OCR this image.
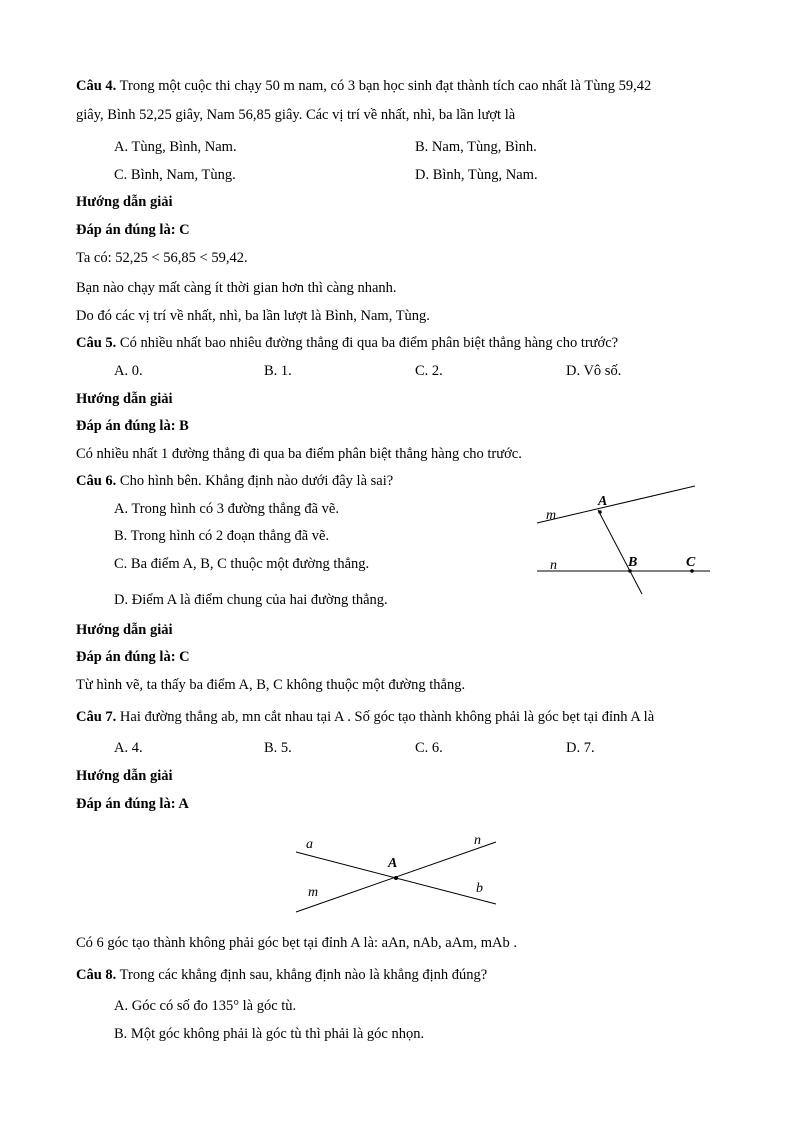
Câu 4. Trong một cuộc thi chạy 50 m nam, có 3 bạn học sinh đạt thành tích cao nhất là Tùng 59,42
giây, Bình 52,25 giây, Nam 56,85 giây. Các vị trí về nhất, nhì, ba lần lượt là
A. Tùng, Bình, Nam.	B. Nam, Tùng, Bình.
C. Bình, Nam, Tùng.	D. Bình, Tùng, Nam.
Hướng dẫn giải
Đáp án đúng là: C
Ta có: 52,25 < 56,85 < 59,42.
Bạn nào chạy mất càng ít thời gian hơn thì càng nhanh.
Do đó các vị trí về nhất, nhì, ba lần lượt là Bình, Nam, Tùng.
Câu 5. Có nhiều nhất bao nhiêu đường thẳng đi qua ba điểm phân biệt thẳng hàng cho trước?
A. 0.	B. 1.	C. 2.	D. Vô số.
Hướng dẫn giải
Đáp án đúng là: B
Có nhiều nhất 1 đường thẳng đi qua ba điểm phân biệt thẳng hàng cho trước.
Câu 6. Cho hình bên. Khẳng định nào dưới đây là sai?
A. Trong hình có 3 đường thẳng đã vẽ.
B. Trong hình có 2 đoạn thẳng đã vẽ.
C. Ba điểm A, B, C thuộc một đường thẳng.
D. Điểm A là điểm chung của hai đường thẳng.
m
A
n	B	C
Hướng dẫn giải
Đáp án đúng là: C
Từ hình vẽ, ta thấy ba điểm A, B, C không thuộc một đường thẳng.
Câu 7. Hai đường thẳng ab, mn cắt nhau tại A . Số góc tạo thành không phải là góc bẹt tại đỉnh A là
A. 4.	B. 5.	C. 6.	D. 7.
Hướng dẫn giải
Đáp án đúng là: A
a	n
A
m	b
Có 6 góc tạo thành không phải góc bẹt tại đỉnh A là: aAn, nAb, aAm, mAb .
Câu 8. Trong các khẳng định sau, khẳng định nào là khẳng định đúng?
A. Góc có số đo 135° là góc tù.
B. Một góc không phải là góc tù thì phải là góc nhọn.
